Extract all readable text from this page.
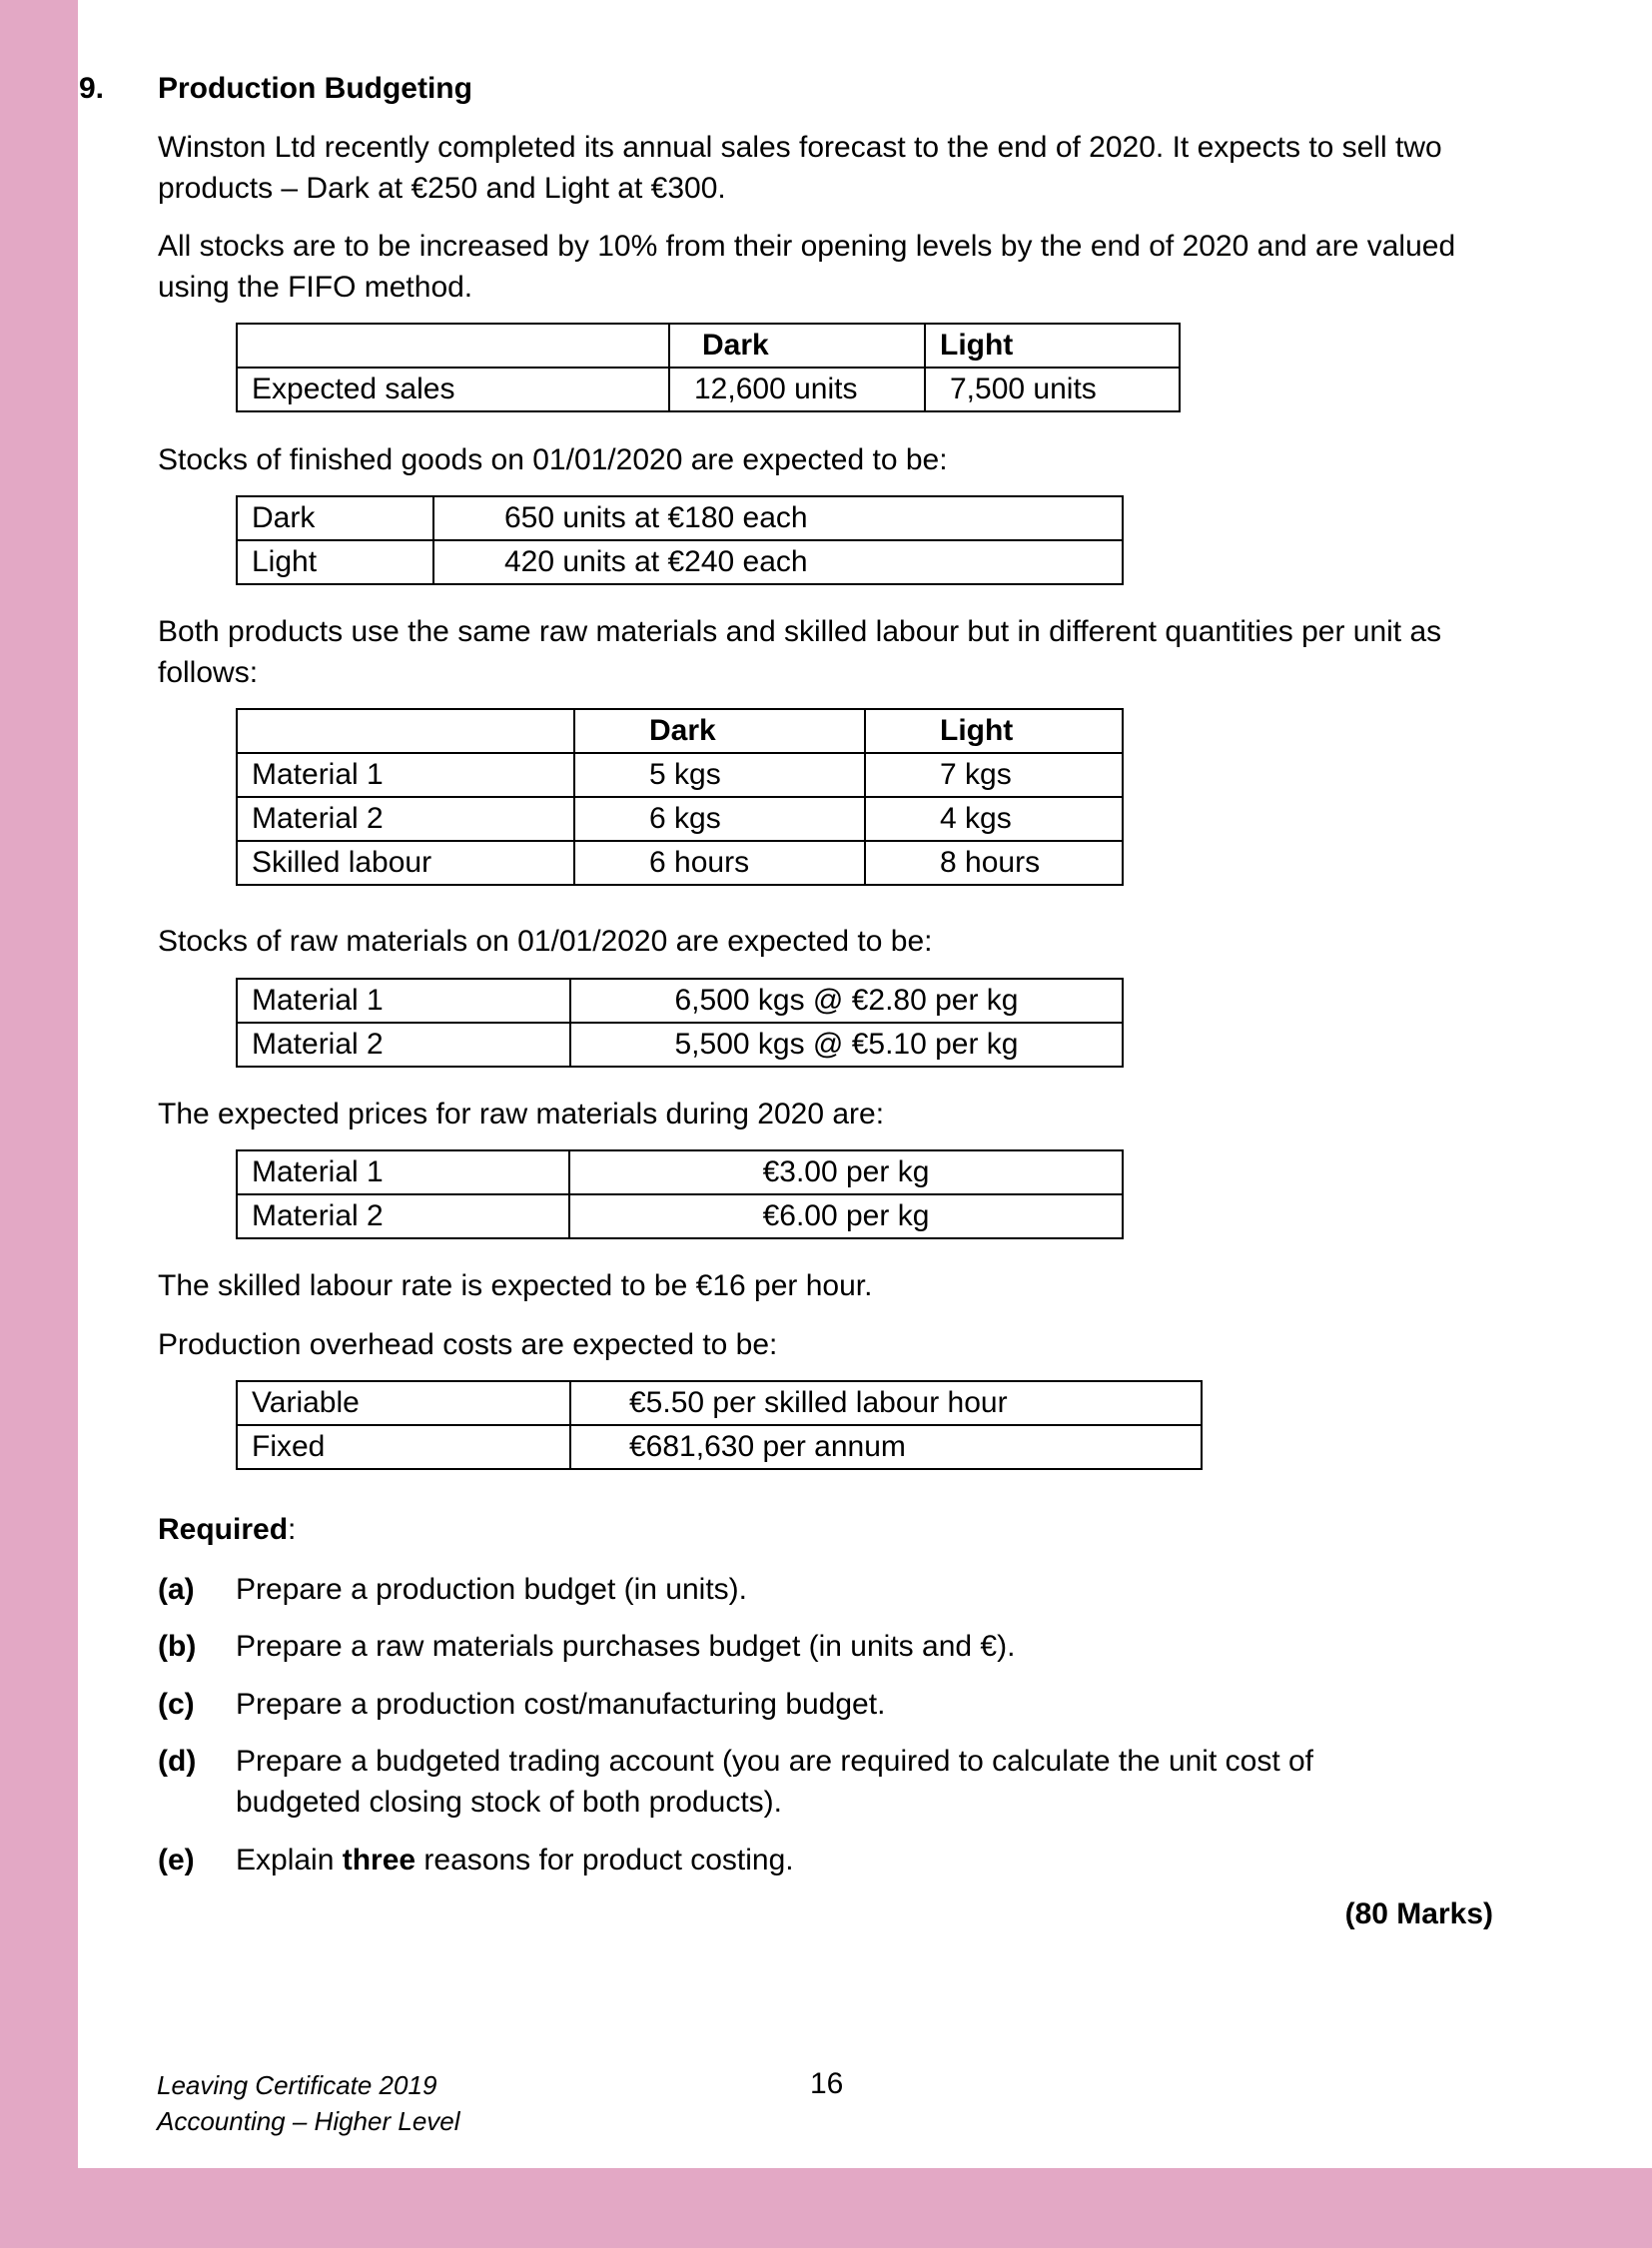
9. Production Budgeting
Winston Ltd recently completed its annual sales forecast to the end of 2020. It expects to sell two products – Dark at €250 and Light at €300.
All stocks are to be increased by 10% from their opening levels by the end of 2020 and are valued using the FIFO method.
	Dark	Light
Expected sales	12,600 units	7,500 units
Stocks of finished goods on 01/01/2020 are expected to be:
Dark	650 units at €180 each
Light	420 units at €240 each
Both products use the same raw materials and skilled labour but in different quantities per unit as follows:
	Dark	Light
Material 1	5 kgs	7 kgs
Material 2	6 kgs	4 kgs
Skilled labour	6 hours	8 hours
Stocks of raw materials on 01/01/2020 are expected to be:
Material 1	6,500 kgs @ €2.80 per kg
Material 2	5,500 kgs @ €5.10 per kg
The expected prices for raw materials during 2020 are:
Material 1	€3.00 per kg
Material 2	€6.00 per kg
The skilled labour rate is expected to be €16 per hour.
Production overhead costs are expected to be:
Variable	€5.50 per skilled labour hour
Fixed	€681,630 per annum
Required:
(a) Prepare a production budget (in units).
(b) Prepare a raw materials purchases budget (in units and €).
(c) Prepare a production cost/manufacturing budget.
(d) Prepare a budgeted trading account (you are required to calculate the unit cost of budgeted closing stock of both products).
(e) Explain three reasons for product costing.
(80 Marks)
Leaving Certificate 2019
Accounting – Higher Level
16
